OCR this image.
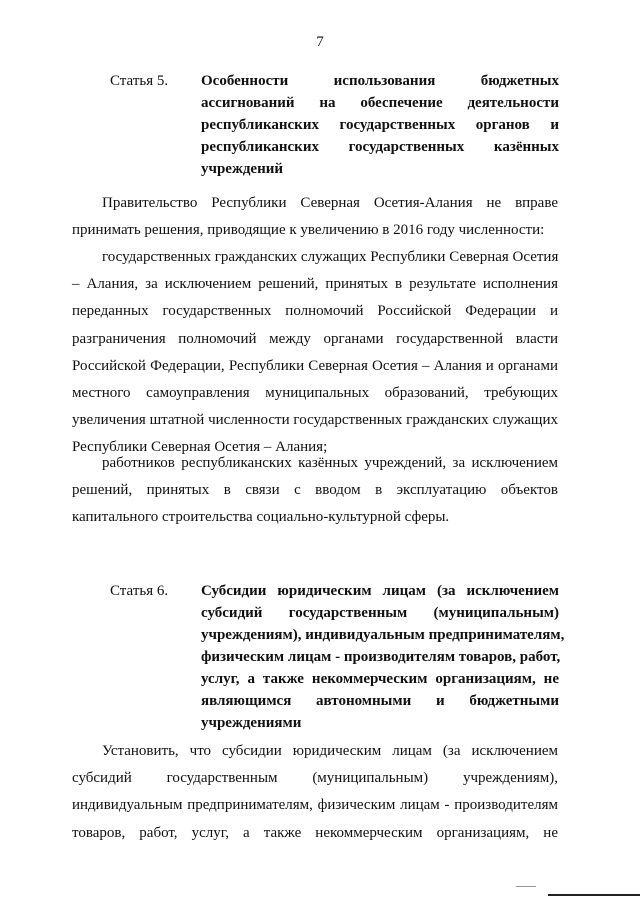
7
Статья 5. Особенности использования бюджетных
ассигнований на обеспечение деятельности
республиканских государственных органов и
республиканских государственных казённых
учреждений
Правительство Республики Северная Осетия-Алания не вправе
принимать решения, приводящие к увеличению в 2016 году численности:
государственных гражданских служащих Республики Северная Осетия
– Алания, за исключением решений, принятых в результате исполнения
переданных государственных полномочий Российской Федерации и
разграничения полномочий между органами государственной власти
Российской Федерации, Республики Северная Осетия – Алания и органами
местного самоуправления муниципальных образований, требующих
увеличения штатной численности государственных гражданских служащих
Республики Северная Осетия – Алания;
работников республиканских казённых учреждений, за исключением
решений, принятых в связи с вводом в эксплуатацию объектов
капитального строительства социально-культурной сферы.
Статья 6. Субсидии юридическим лицам (за исключением
субсидий государственным (муниципальным)
учреждениям), индивидуальным предпринимателям,
физическим лицам - производителям товаров, работ,
услуг, а также некоммерческим организациям, не
являющимся автономными и бюджетными
учреждениями
Установить, что субсидии юридическим лицам (за исключением
субсидий государственным (муниципальным) учреждениям),
индивидуальным предпринимателям, физическим лицам - производителям
товаров, работ, услуг, а также некоммерческим организациям, не
